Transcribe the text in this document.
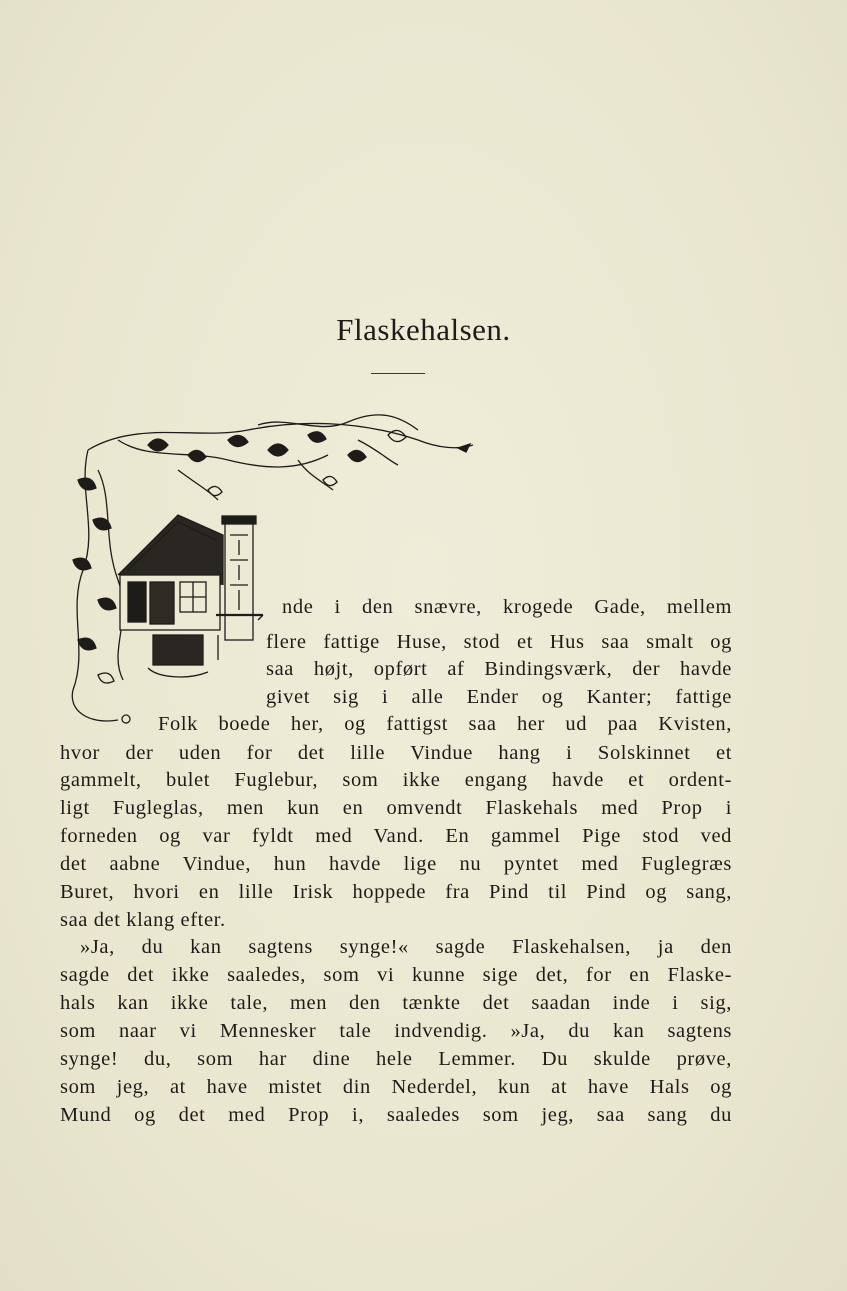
Flaskehalsen.
nde i den snævre, krogede Gade, mellem
flere fattige Huse, stod et Hus saa smalt og
saa højt, opført af Bindingsværk, der havde
givet sig i alle Ender og Kanter; fattige
Folk boede her, og fattigst saa her ud paa Kvisten,
hvor der uden for det lille Vindue hang i Solskinnet et
gammelt, bulet Fuglebur, som ikke engang havde et ordent-
ligt Fugleglas, men kun en omvendt Flaskehals med Prop i
forneden og var fyldt med Vand. En gammel Pige stod ved
det aabne Vindue, hun havde lige nu pyntet med Fuglegræs
Buret, hvori en lille Irisk hoppede fra Pind til Pind og sang,
saa det klang efter.
»Ja, du kan sagtens synge!« sagde Flaskehalsen, ja den
sagde det ikke saaledes, som vi kunne sige det, for en Flaske-
hals kan ikke tale, men den tænkte det saadan inde i sig,
som naar vi Mennesker tale indvendig. »Ja, du kan sagtens
synge! du, som har dine hele Lemmer. Du skulde prøve,
som jeg, at have mistet din Nederdel, kun at have Hals og
Mund og det med Prop i, saaledes som jeg, saa sang du
